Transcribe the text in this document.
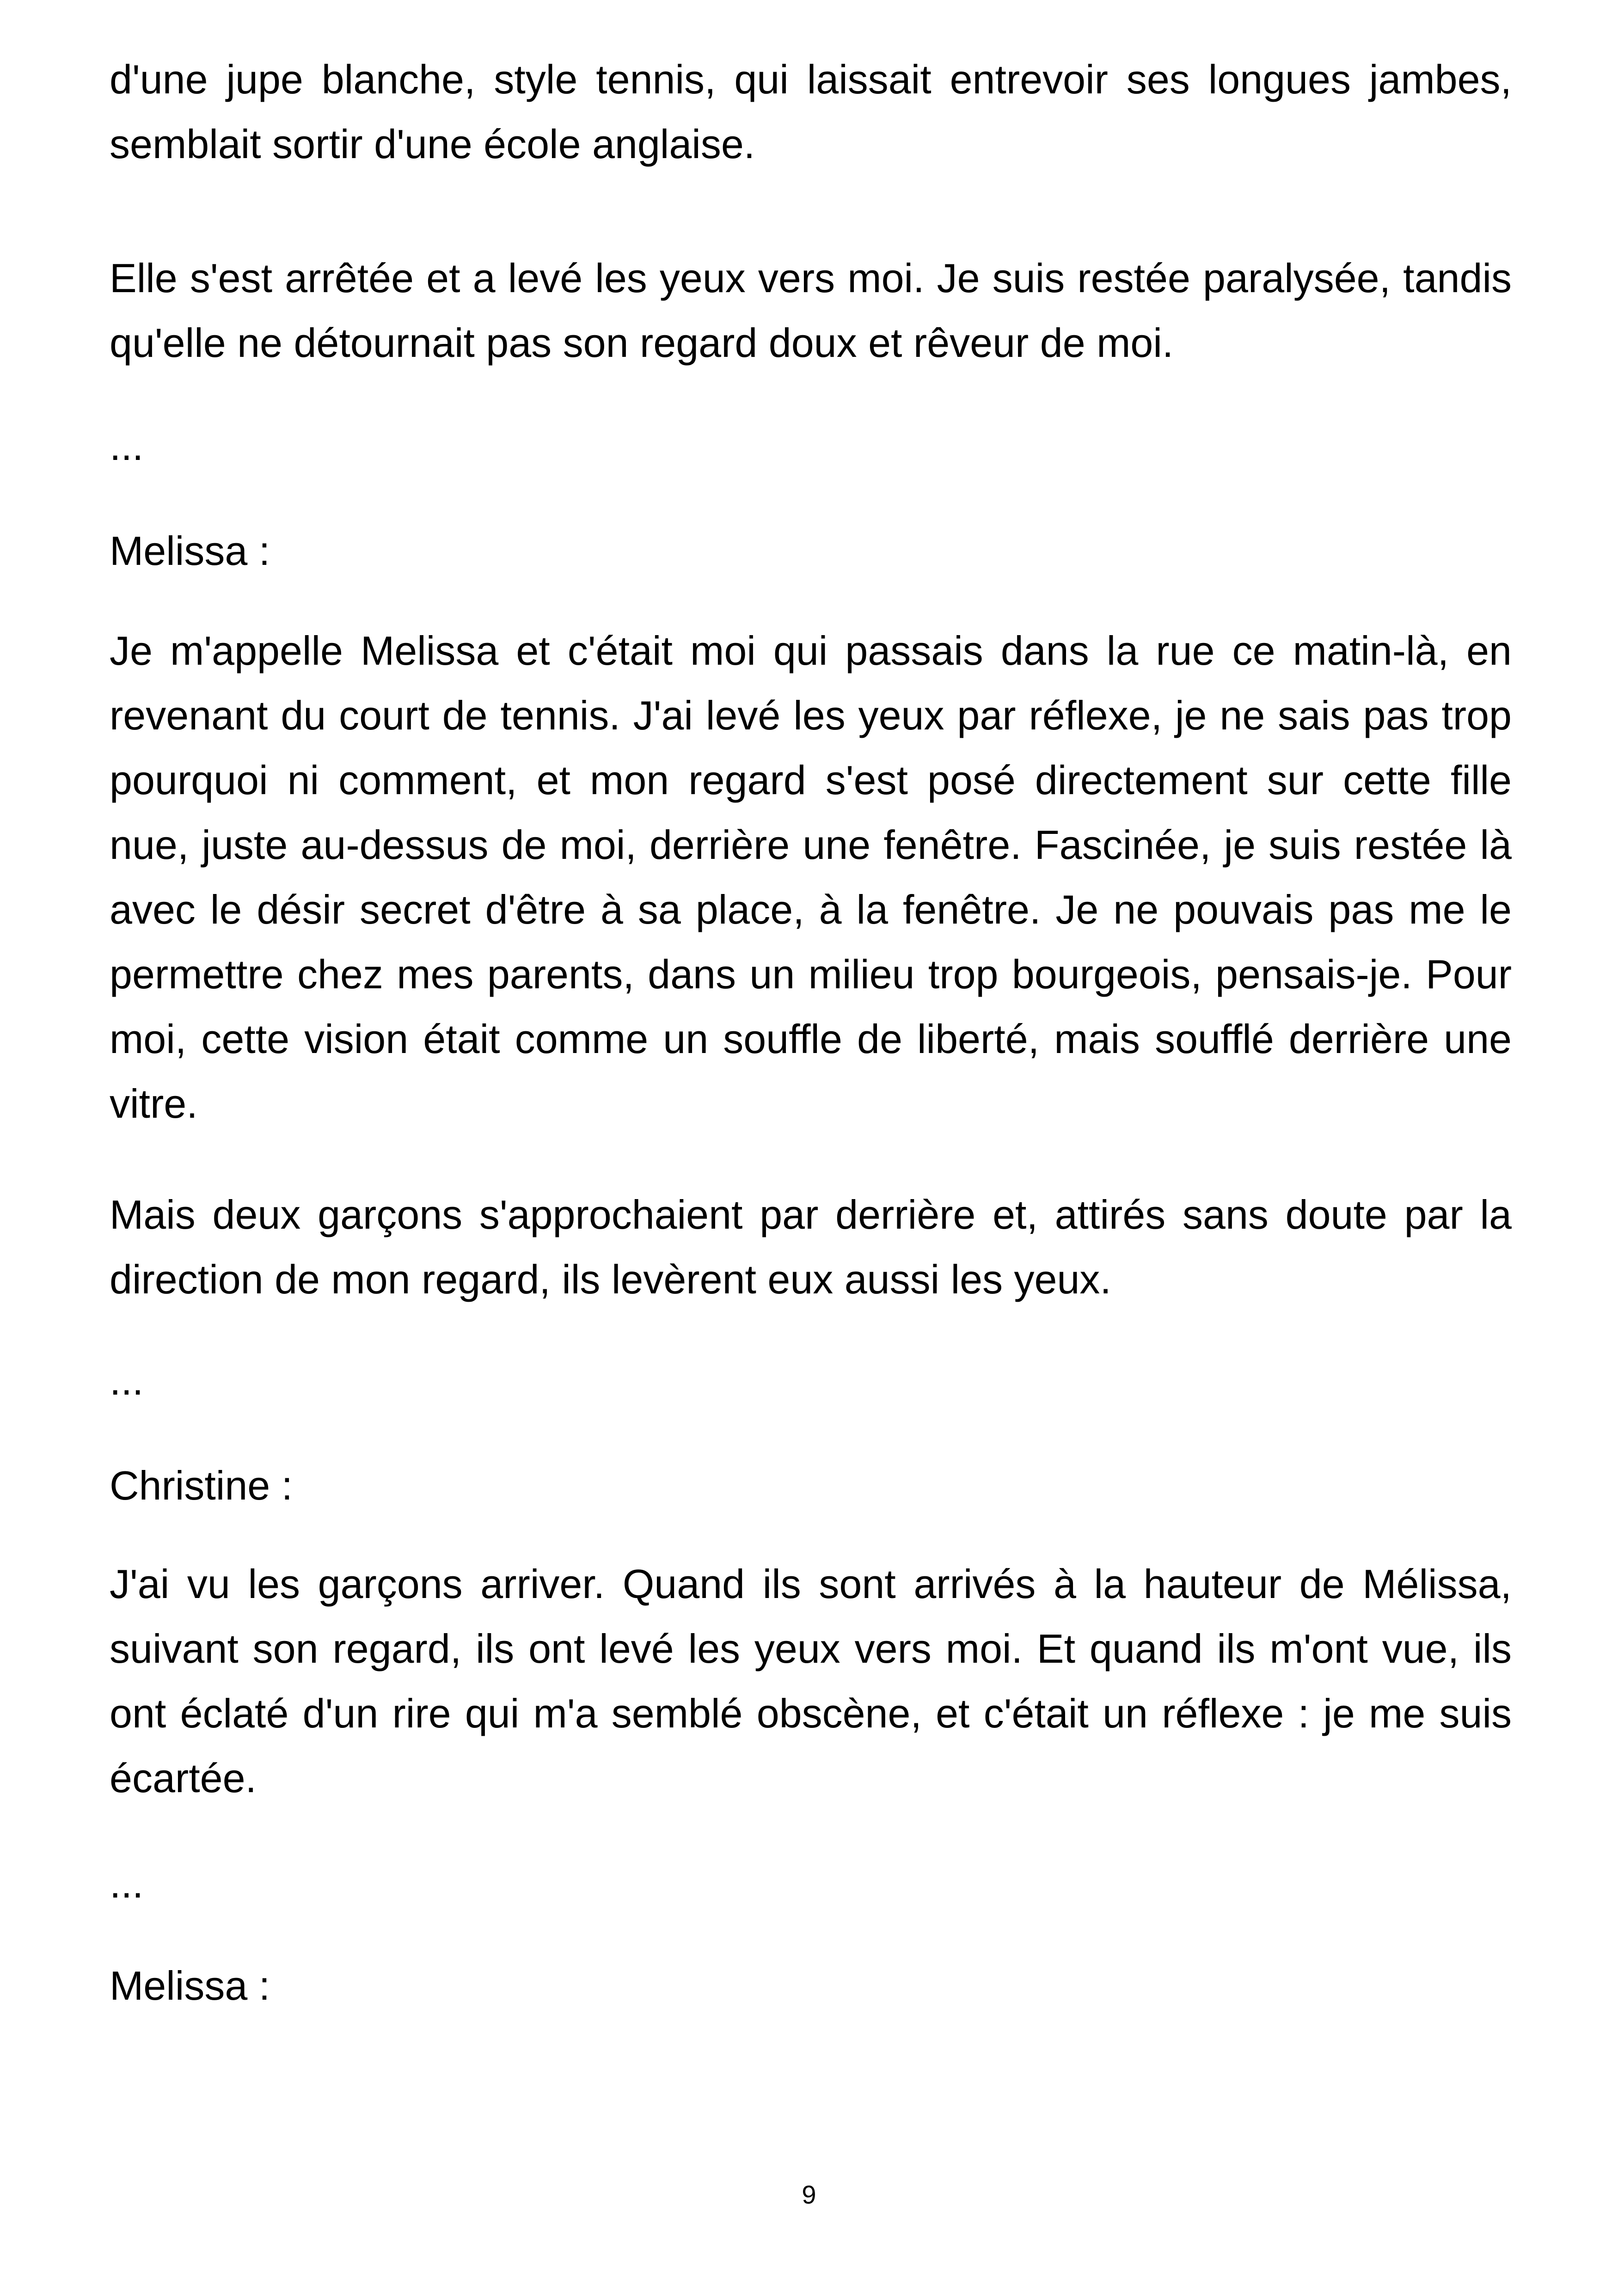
d'une jupe blanche, style tennis, qui laissait entrevoir ses longues jambes, semblait sortir d'une école anglaise.

Elle s'est arrêtée et a levé les yeux vers moi. Je suis restée paralysée, tandis qu'elle ne détournait pas son regard doux et rêveur de moi.

...

Melissa :

Je m'appelle Melissa et c'était moi qui passais dans la rue ce matin-là, en revenant du court de tennis. J'ai levé les yeux par réflexe, je ne sais pas trop pourquoi ni comment, et mon regard s'est posé directement sur cette fille nue, juste au-dessus de moi, derrière une fenêtre. Fascinée, je suis restée là avec le désir secret d'être à sa place, à la fenêtre. Je ne pouvais pas me le permettre chez mes parents, dans un milieu trop bourgeois, pensais-je. Pour moi, cette vision était comme un souffle de liberté, mais soufflé derrière une vitre.

Mais deux garçons s'approchaient par derrière et, attirés sans doute par la direction de mon regard, ils levèrent eux aussi les yeux.

...

Christine :

J'ai vu les garçons arriver. Quand ils sont arrivés à la hauteur de Mélissa, suivant son regard, ils ont levé les yeux vers moi. Et quand ils m'ont vue, ils ont éclaté d'un rire qui m'a semblé obscène, et c'était un réflexe : je me suis écartée.

...

Melissa :

9
